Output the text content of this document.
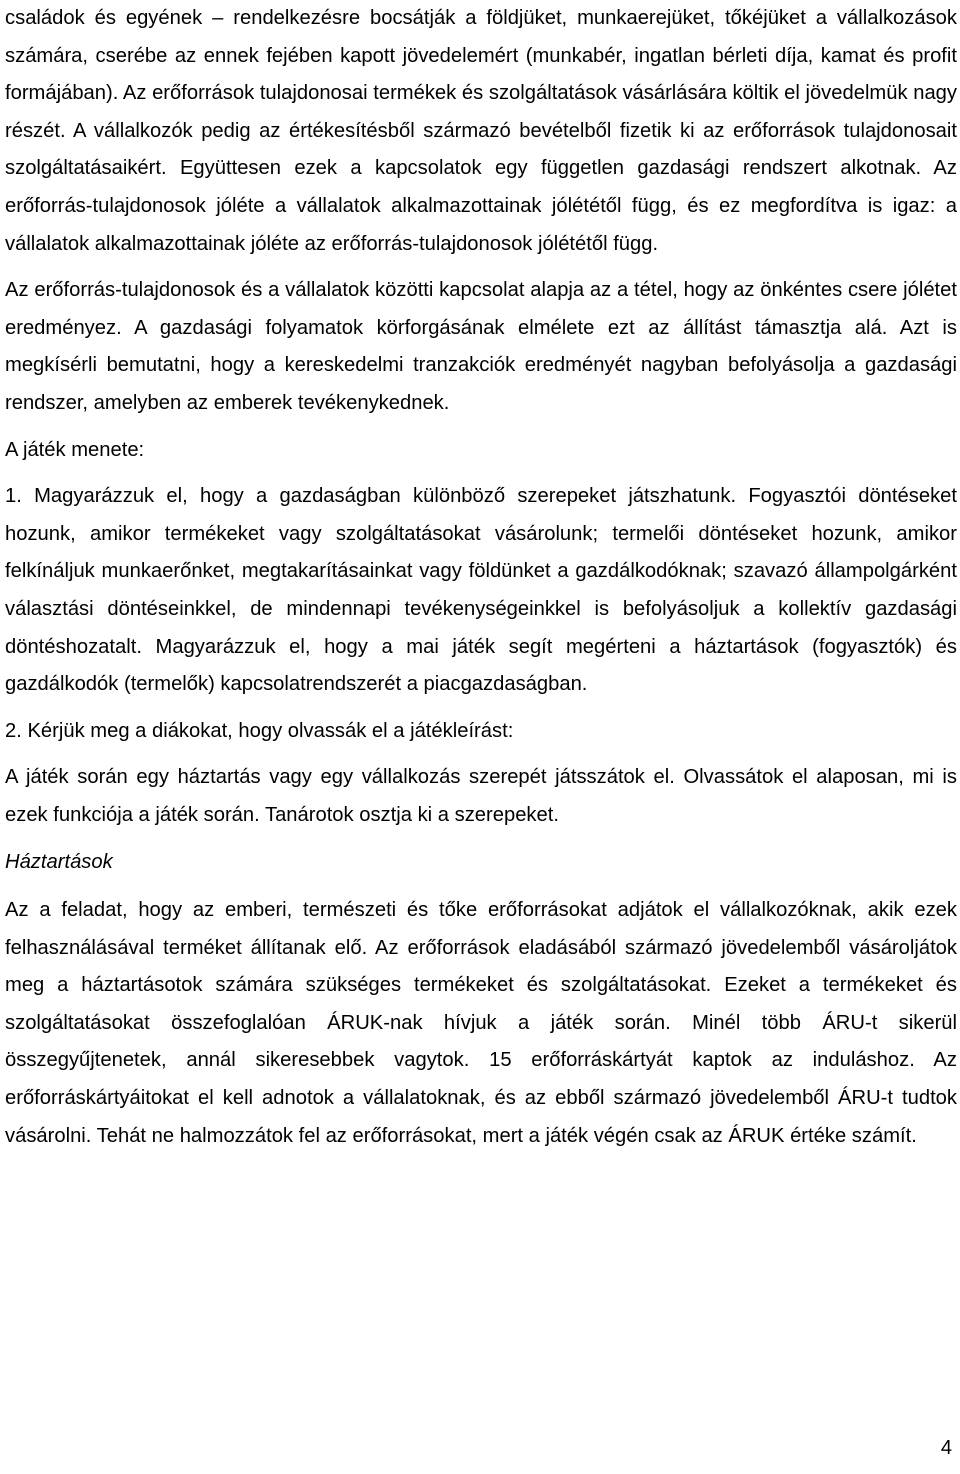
családok és egyének – rendelkezésre bocsátják a földjüket, munkaerejüket, tőkéjüket a vállalkozások számára, cserébe az ennek fejében kapott jövedelemért (munkabér, ingatlan bérleti díja, kamat és profit formájában). Az erőforrások tulajdonosai termékek és szolgáltatások vásárlására költik el jövedelmük nagy részét. A vállalkozók pedig az értékesítésből származó bevételből fizetik ki az erőforrások tulajdonosait szolgáltatásaikért. Együttesen ezek a kapcsolatok egy független gazdasági rendszert alkotnak. Az erőforrás-tulajdonosok jóléte a vállalatok alkalmazottainak jólététől függ, és ez megfordítva is igaz: a vállalatok alkalmazottainak jóléte az erőforrás-tulajdonosok jólététől függ.

Az erőforrás-tulajdonosok és a vállalatok közötti kapcsolat alapja az a tétel, hogy az önkéntes csere jólétet eredményez. A gazdasági folyamatok körforgásának elmélete ezt az állítást támasztja alá. Azt is megkísérli bemutatni, hogy a kereskedelmi tranzakciók eredményét nagyban befolyásolja a gazdasági rendszer, amelyben az emberek tevékenykednek.

A játék menete:

1. Magyarázzuk el, hogy a gazdaságban különböző szerepeket játszhatunk. Fogyasztói döntéseket hozunk, amikor termékeket vagy szolgáltatásokat vásárolunk; termelői döntéseket hozunk, amikor felkínáljuk munkaerőnket, megtakarításainkat vagy földünket a gazdálkodóknak; szavazó állampolgárként választási döntéseinkkel, de mindennapi tevékenységeinkkel is befolyásoljuk a kollektív gazdasági döntéshozatalt. Magyarázzuk el, hogy a mai játék segít megérteni a háztartások (fogyasztók) és gazdálkodók (termelők) kapcsolatrendszerét a piacgazdaságban.

2. Kérjük meg a diákokat, hogy olvassák el a játékleírást:

A játék során egy háztartás vagy egy vállalkozás szerepét játsszátok el. Olvassátok el alaposan, mi is ezek funkciója a játék során. Tanárotok osztja ki a szerepeket.

Háztartások

Az a feladat, hogy az emberi, természeti és tőke erőforrásokat adjátok el vállalkozóknak, akik ezek felhasználásával terméket állítanak elő. Az erőforrások eladásából származó jövedelemből vásároljátok meg a háztartásotok számára szükséges termékeket és szolgáltatásokat. Ezeket a termékeket és szolgáltatásokat összefoglalóan ÁRUK-nak hívjuk a játék során. Minél több ÁRU-t sikerül összegyűjtenetek, annál sikeresebbek vagytok. 15 erőforráskártyát kaptok az induláshoz. Az erőforráskártyáitokat el kell adnotok a vállalatoknak, és az ebből származó jövedelemből ÁRU-t tudtok vásárolni. Tehát ne halmozzátok fel az erőforrásokat, mert a játék végén csak az ÁRUK értéke számít.

4
